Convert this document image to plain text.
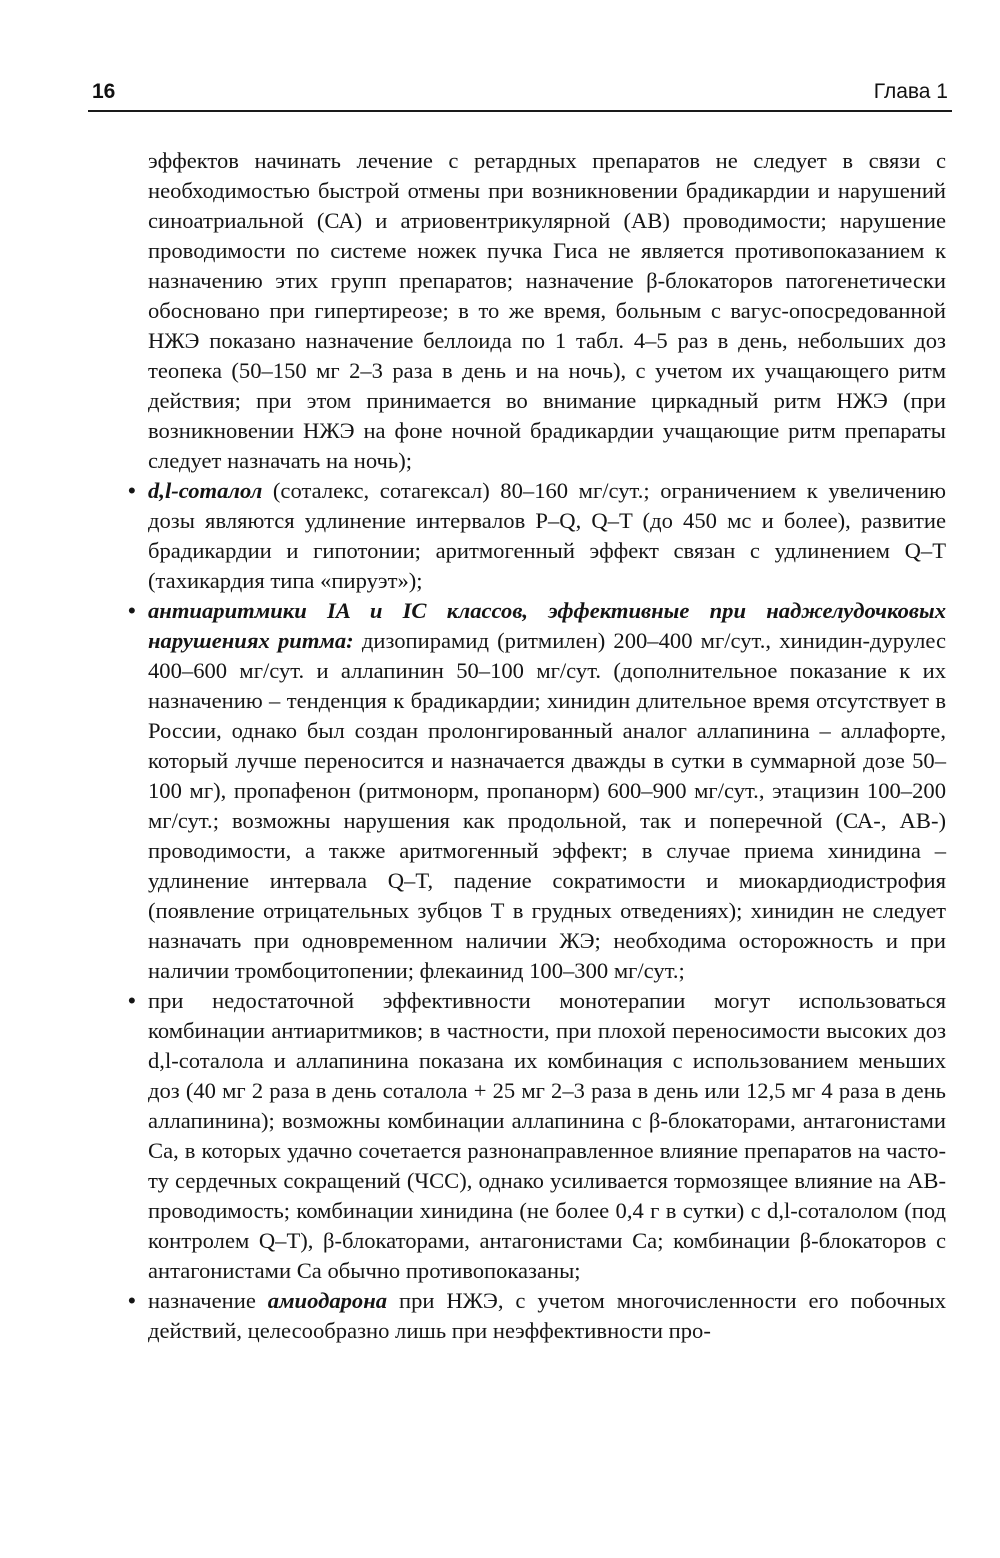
16	Глава 1

эффектов начинать лечение с ретардных препаратов не следует в связи с необходимостью быстрой отмены при возникновении брадикардии и нарушений синоатриальной (СА) и атриовентрикулярной (АВ) проводимости; нарушение проводимости по системе ножек пучка Гиса не является противопоказанием к назначению этих групп препаратов; назначение β-блокаторов патогенетически обосновано при гипертиреозе; в то же время, больным с вагус-опосредованной НЖЭ показано назначение беллоида по 1 табл. 4–5 раз в день, небольших доз теопека (50–150 мг 2–3 раза в день и на ночь), с учетом их учащающего ритм действия; при этом принимается во внимание циркадный ритм НЖЭ (при возникновении НЖЭ на фоне ночной брадикардии учащающие ритм препараты следует назначать на ночь);

• d,l-соталол (соталекс, сотагексал) 80–160 мг/сут.; ограничением к увеличению дозы являются удлинение интервалов P–Q, Q–T (до 450 мс и более), развитие брадикардии и гипотонии; аритмогенный эффект связан с удлинением Q–T (тахикардия типа «пируэт»);

• антиаритмики IA и IC классов, эффективные при наджелудочковых нарушениях ритма: дизопирамид (ритмилен) 200–400 мг/сут., хинидин-дурулес 400–600 мг/сут. и аллапинин 50–100 мг/сут. (дополнительное показание к их назначению – тенденция к брадикардии; хинидин длительное время отсутствует в России, однако был создан пролонгированный аналог аллапинина – аллафорте, который лучше переносится и назначается дважды в сутки в суммарной дозе 50–100 мг), пропафенон (ритмонорм, пропанорм) 600–900 мг/сут., этацизин 100–200 мг/сут.; возможны нарушения как продольной, так и поперечной (СА-, АВ-) проводимости, а также аритмогенный эффект; в случае приема хинидина – удлинение интервала Q–T, падение сократимости и миокардиодистрофия (появление отрицательных зубцов Т в грудных отведениях); хинидин не следует назначать при одновременном наличии ЖЭ; необходима осторожность и при наличии тромбоцитопении; флекаинид 100–300 мг/сут.;

• при недостаточной эффективности монотерапии могут использоваться комбинации антиаритмиков; в частности, при плохой переносимости высоких доз d,l-соталола и аллапинина показана их комбинация с использованием меньших доз (40 мг 2 раза в день соталола + 25 мг 2–3 раза в день или 12,5 мг 4 раза в день аллапинина); возможны комбинации аллапинина с β-блокаторами, антагонистами Са, в которых удачно сочетается разнонаправленное влияние препаратов на частоту сердечных сокращений (ЧСС), однако усиливается тормозящее влияние на АВ-проводимость; комбинации хинидина (не более 0,4 г в сутки) с d,l-соталолом (под контролем Q–T), β-блокаторами, антагонистами Са; комбинации β-блокаторов с антагонистами Са обычно противопоказаны;

• назначение амиодарона при НЖЭ, с учетом многочисленности его побочных действий, целесообразно лишь при неэффективности про-
